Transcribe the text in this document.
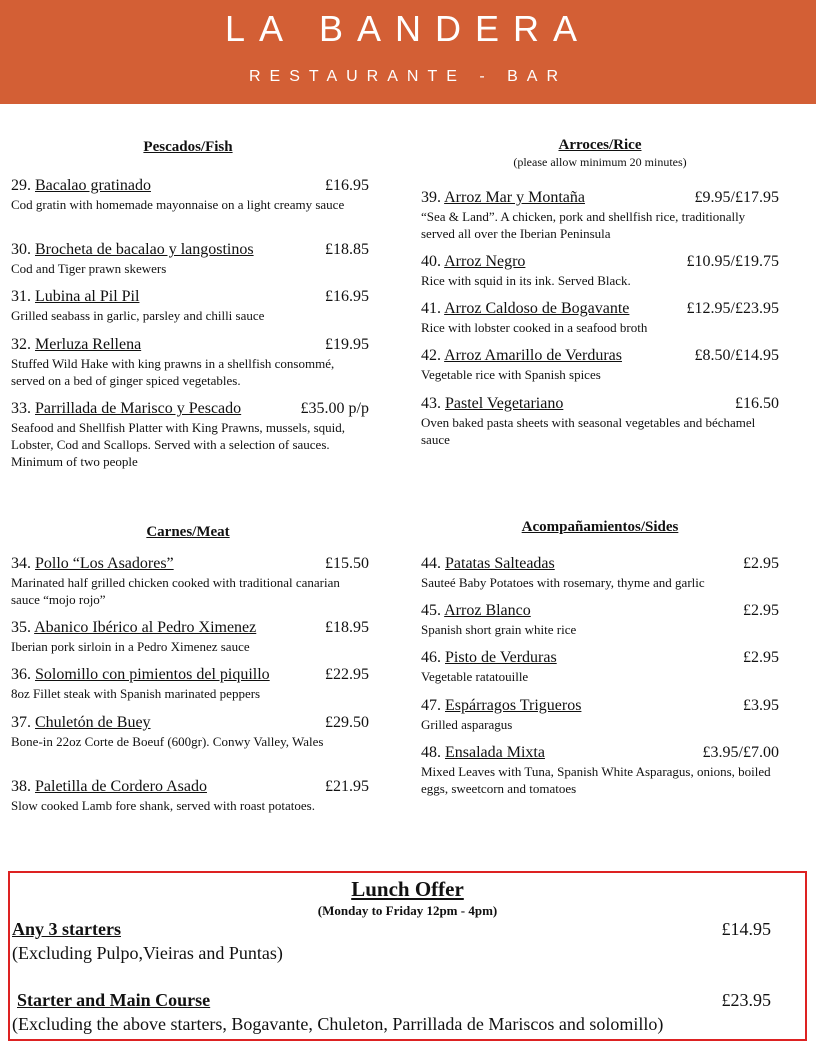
LA BANDERA
RESTAURANTE - BAR
Pescados/Fish
29. Bacalao gratinado	£16.95
Cod gratin with homemade mayonnaise on a light creamy sauce
30. Brocheta de bacalao y langostinos	£18.85
Cod and Tiger prawn skewers
31. Lubina al Pil Pil	£16.95
Grilled seabass in garlic, parsley and chilli sauce
32. Merluza Rellena	£19.95
Stuffed Wild Hake with king prawns in a shellfish consommé, served on a bed of ginger spiced vegetables.
33. Parrillada de Marisco y Pescado	£35.00 p/p
Seafood and Shellfish Platter with King Prawns, mussels, squid, Lobster, Cod and Scallops. Served with a selection of sauces. Minimum of two people
Arroces/Rice
(please allow minimum 20 minutes)
39. Arroz Mar y Montaña	£9.95/£17.95
“Sea & Land”. A chicken, pork and shellfish rice, traditionally served all over the Iberian Peninsula
40. Arroz Negro	£10.95/£19.75
Rice with squid in its ink. Served Black.
41. Arroz Caldoso de Bogavante	£12.95/£23.95
Rice with lobster cooked in a seafood broth
42. Arroz Amarillo de Verduras	£8.50/£14.95
Vegetable rice with Spanish spices
43. Pastel Vegetariano	£16.50
Oven baked pasta sheets with seasonal vegetables and béchamel sauce
Carnes/Meat
34. Pollo “Los Asadores”	£15.50
Marinated half grilled chicken cooked with traditional canarian sauce “mojo rojo”
35. Abanico Ibérico al Pedro Ximenez	£18.95
Iberian pork sirloin in a Pedro Ximenez sauce
36. Solomillo con pimientos del piquillo	£22.95
8oz Fillet steak with Spanish marinated peppers
37. Chuletón de Buey	£29.50
Bone-in 22oz Corte de Boeuf (600gr). Conwy Valley, Wales
38. Paletilla de Cordero Asado	£21.95
Slow cooked Lamb fore shank, served with roast potatoes.
Acompañamientos/Sides
44. Patatas Salteadas	£2.95
Sauteé Baby Potatoes with rosemary, thyme and garlic
45. Arroz Blanco	£2.95
Spanish short grain white rice
46. Pisto de Verduras	£2.95
Vegetable ratatouille
47. Espárragos Trigueros	£3.95
Grilled asparagus
48. Ensalada Mixta	£3.95/£7.00
Mixed Leaves with Tuna, Spanish White Asparagus, onions, boiled eggs, sweetcorn and tomatoes
Lunch Offer
(Monday to Friday 12pm - 4pm)
Any 3 starters	£14.95
(Excluding Pulpo,Vieiras and Puntas)
Starter and Main Course	£23.95
(Excluding the above starters, Bogavante, Chuleton, Parrillada de Mariscos and solomillo)
